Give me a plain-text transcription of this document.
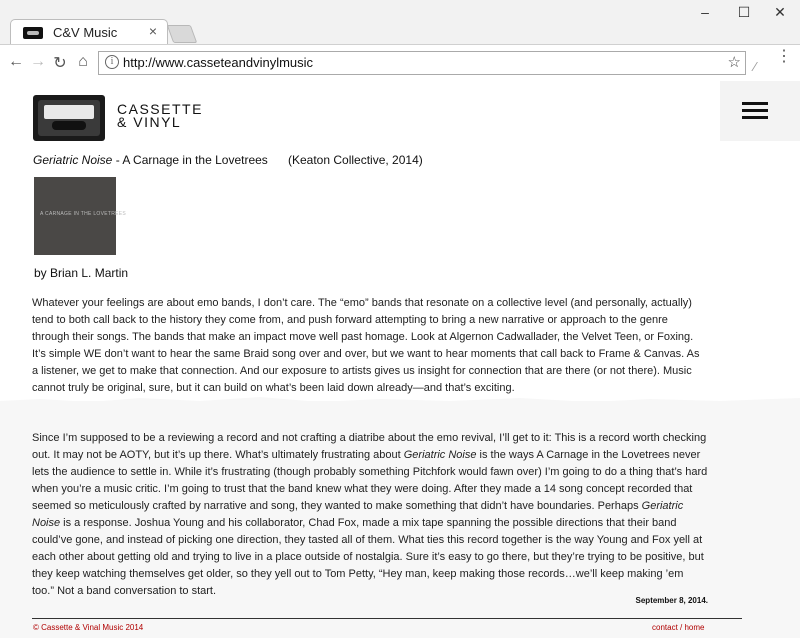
C&V Music ×
–	☐	✕
← → ↻ ⌂	i http://www.casseteandvinylmusic	☆ ∕
⋮
CASSETTE
& VINYL
Geriatric Noise - A Carnage in the Lovetrees (Keaton Collective, 2014)
A CARNAGE IN THE LOVETREES
by Brian L. Martin
Whatever your feelings are about emo bands, I don’t care. The “emo” bands that resonate on a collective level (and personally, actually) tend to both call back to the history they come from, and push forward attempting to bring a new narrative or approach to the genre through their songs. The bands that make an impact move well past homage. Look at Algernon Cadwallader, the Velvet Teen, or Foxing. It’s simple WE don’t want to hear the same Braid song over and over, but we want to hear moments that call back to Frame & Canvas. As a listener, we get to make that connection. And our exposure to artists gives us insight for connection that are there (or not there). Music cannot truly be original, sure, but it can build on what’s been laid down already—and that’s exciting.
Since I’m supposed to be a reviewing a record and not crafting a diatribe about the emo revival, I’ll get to it: This is a record worth checking out. It may not be AOTY, but it’s up there. What’s ultimately frustrating about Geriatric Noise is the ways A Carnage in the Lovetrees never lets the audience to settle in. While it’s frustrating (though probably something Pitchfork would fawn over) I’m going to do a thing that’s hard when you’re a music critic. I’m going to trust that the band knew what they were doing. After they made a 14 song concept recorded that seemed so meticulously crafted by narrative and song, they wanted to make something that didn’t have boundaries. Perhaps Geriatric Noise is a response. Joshua Young and his collaborator, Chad Fox, made a mix tape spanning the possible directions that their band could’ve gone, and instead of picking one direction, they tasted all of them. What ties this record together is the way Young and Fox yell at each other about getting old and trying to live in a place outside of nostalgia. Sure it’s easy to go there, but they’re trying to be positive, but they keep watching themselves get older, so they yell out to Tom Petty, “Hey man, keep making those records…we’ll keep making ’em too.” Not a band conversation to start.
September 8, 2014.
© Cassette & Vinal Music 2014	contact / home
